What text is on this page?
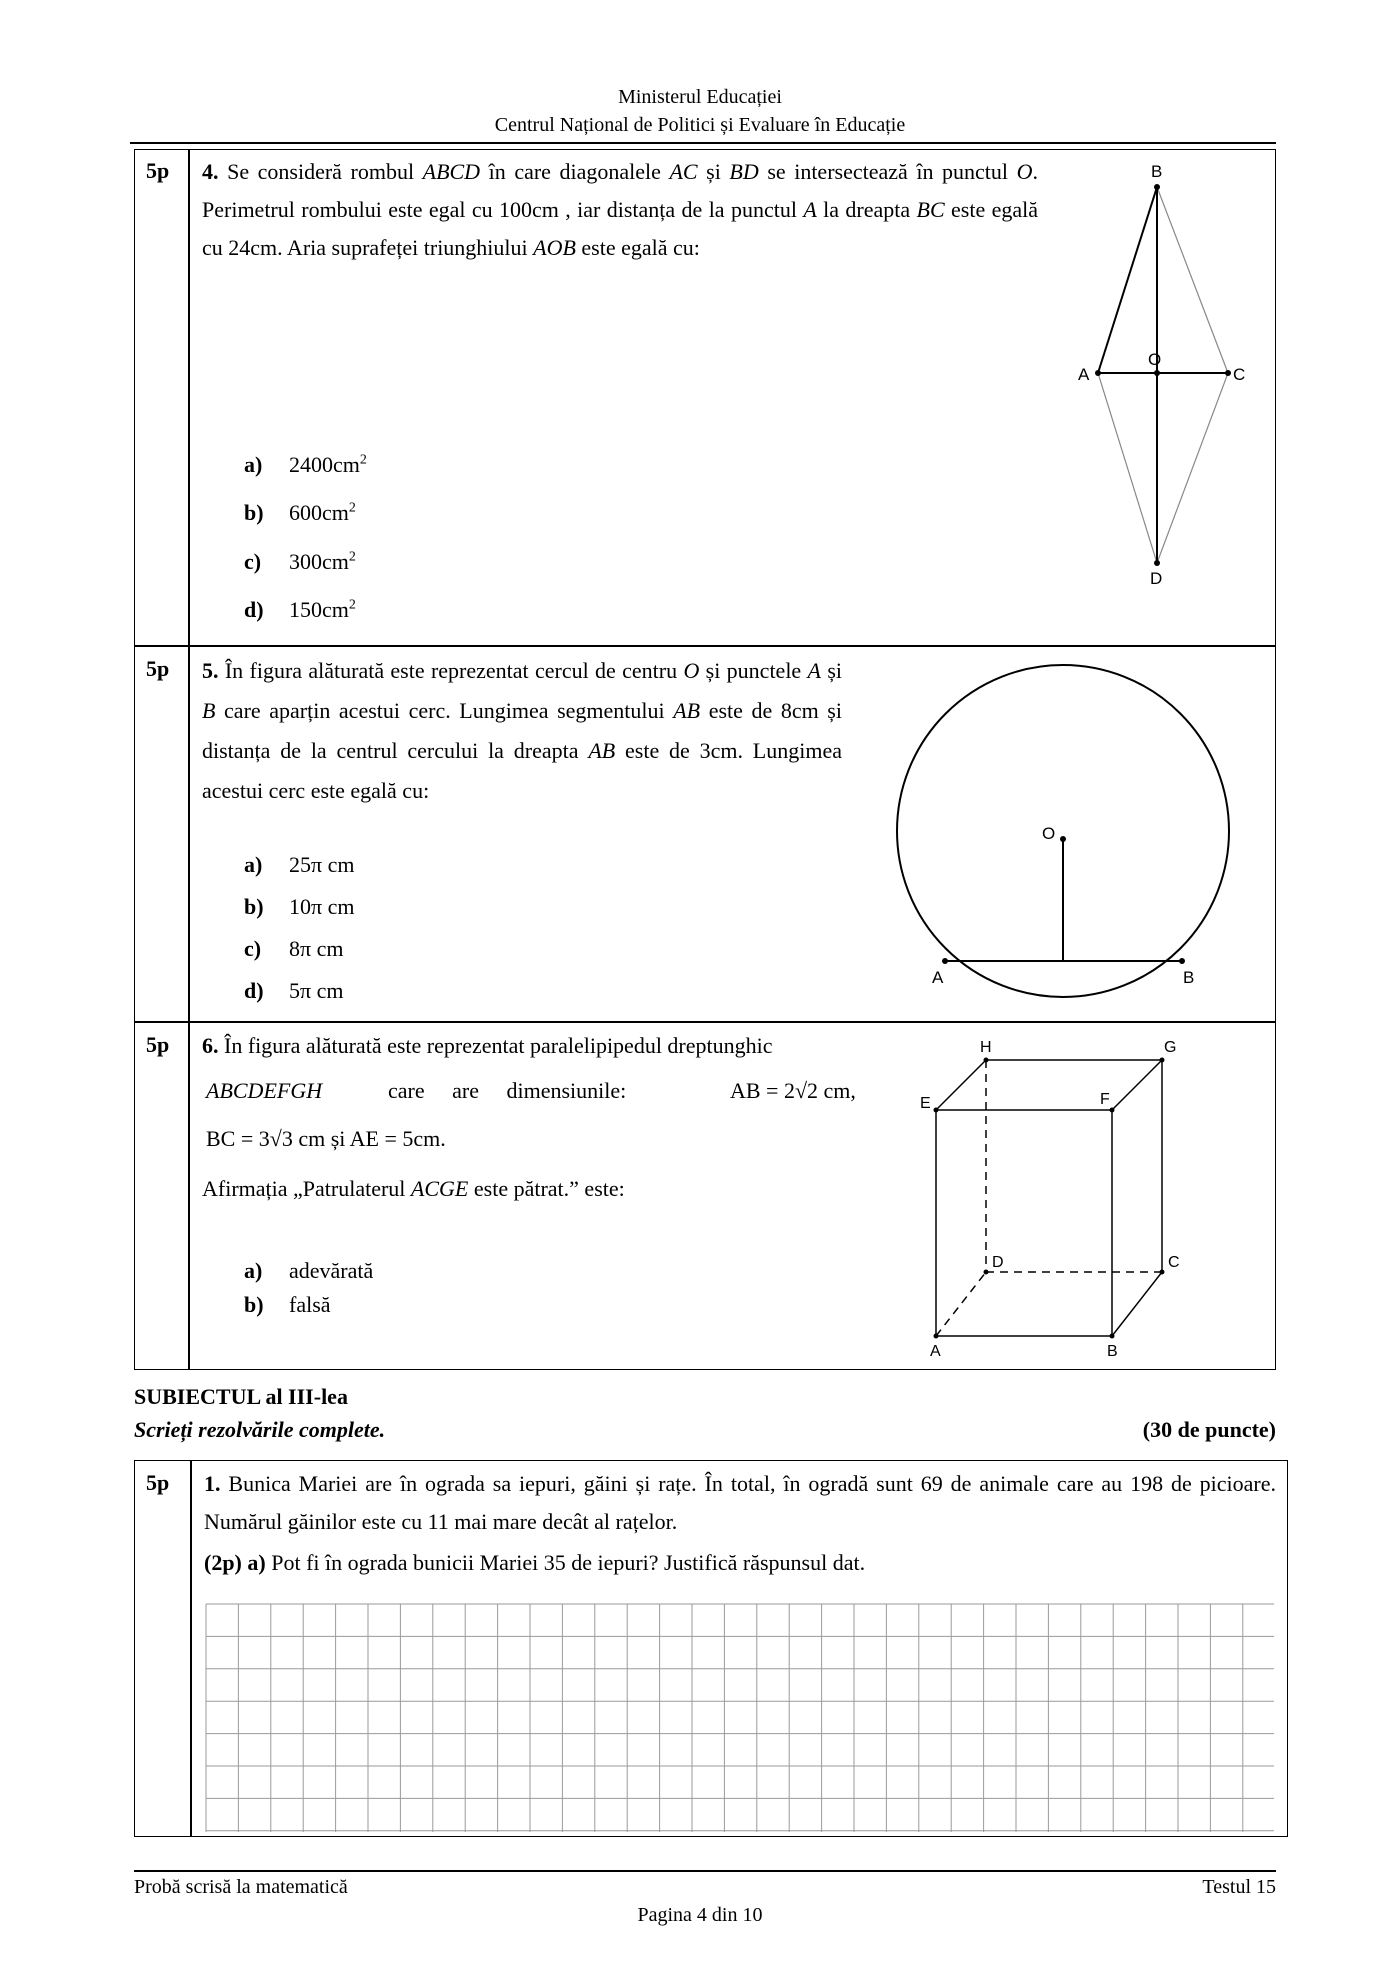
Ministerul Educației
Centrul Național de Politici și Evaluare în Educație
5p 4. Se consideră rombul ABCD în care diagonalele AC și BD se intersectează în punctul O. Perimetrul rombului este egal cu 100cm , iar distanța de la punctul A la dreapta BC este egală cu 24cm. Aria suprafeței triunghiului AOB este egală cu:
a) $2400cm^2$
b) $600cm^2$
c) $300cm^2$
d) $150cm^2$
B
A	C
O
D
5p 5. În figura alăturată este reprezentat cercul de centru O și punctele A și B care aparțin acestui cerc. Lungimea segmentului AB este de 8cm și distanța de la centrul cercului la dreapta AB este de 3cm. Lungimea acestui cerc este egală cu:
a) 25π cm
b) 10π cm
c) 8π cm
d) 5π cm
O
A	B
5p 6. În figura alăturată este reprezentat paralelipipedul dreptunghic
ABCDEFGH	care are dimensiunile:	AB = 2√2 cm,
BC = 3√3 cm și AE = 5cm.
Afirmația „Patrulaterul ACGE este pătrat.” este:
a) adevărată
b) falsă
A	B
C
D
E	F
G
H
SUBIECTUL al III-lea
Scrieți rezolvările complete.	(30 de puncte)
5p 1. Bunica Mariei are în ograda sa iepuri, găini și rațe. În total, în ogradă sunt 69 de animale care au 198 de picioare. Numărul găinilor este cu 11 mai mare decât al rațelor.
(2p) a) Pot fi în ograda bunicii Mariei 35 de iepuri? Justifică răspunsul dat.
Probă scrisă la matematică	Testul 15
Pagina 4 din 10
